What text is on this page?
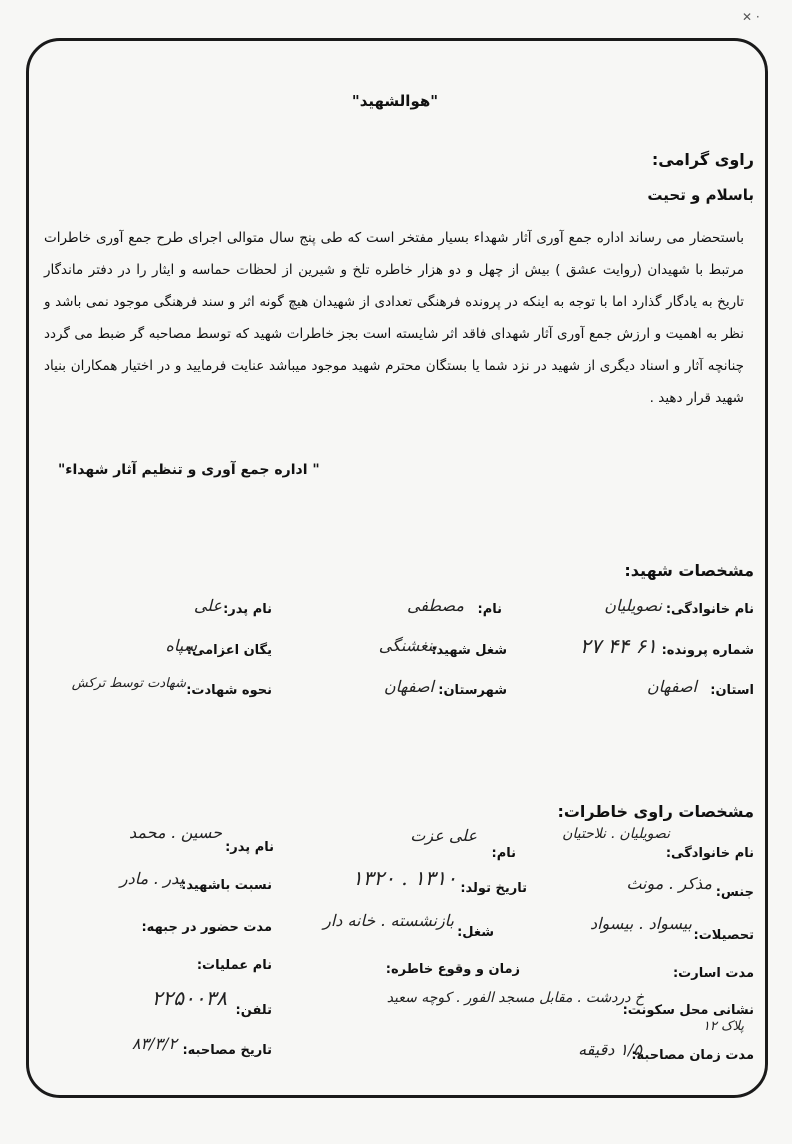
✕ ·
"هوالشهید"
راوی گرامی:
باسلام و تحیت
باستحضار می رساند اداره جمع آوری آثار شهداء بسیار مفتخر است که طی پنج سال متوالی اجرای طرح جمع آوری خاطرات مرتبط با شهیدان (روایت عشق ) بیش از چهل و دو هزار خاطره تلخ و شیرین از لحظات حماسه و ایثار را در دفتر ماندگار تاریخ به یادگار گذارد اما با توجه به اینکه در پرونده فرهنگی تعدادی از شهیدان هیچ گونه اثر و سند فرهنگی موجود نمی باشد و نظر به اهمیت و ارزش جمع آوری آثار شهدای فاقد اثر شایسته است بجز خاطرات شهید که توسط مصاحبه گر ضبط می گردد چنانچه آثار و اسناد دیگری از شهید در نزد شما یا بستگان محترم شهید موجود میباشد عنایت فرمایید و در اختیار همکاران بنیاد شهید قرار دهید .
" اداره جمع آوری و تنظیم آثار شهداء"
مشخصات شهید:
نام خانوادگی:
نصویلیان
نام:
مصطفی
نام پدر:
علی
شماره پرونده:
۲۷ ۴۴ ۶۱
شغل شهید:
بنغشنگی
یگان اعزامی:
سپاه
استان:
اصفهان
شهرستان:
اصفهان
نحوه شهادت:
شهادت توسط ترکش
مشخصات راوی خاطرات:
نام خانوادگی:
نصویلیان . نلاحتیان
نام:
علی عزت
نام پدر:
حسین . محمد
جنس:
مذکر . مونث
تاریخ تولد:
۱۳۲۰ . ۱۳۱۰
نسبت باشهید:
پدر . مادر
تحصیلات:
بیسواد . بیسواد
شغل:
بازنشسته . خانه دار
مدت حضور در جبهه:
مدت اسارت:
زمان و وقوع خاطره:
نام عملیات:
نشانی محل سکونت:
خ دردشت . مقابل مسجد الفور . کوچه سعید
پلاک ۱۲
تلفن:
۲۲۵۰۰۳۸
مدت زمان مصاحبه:
۱/۵ دقیقه
تاریخ مصاحبه:
۸۳/۳/۲
